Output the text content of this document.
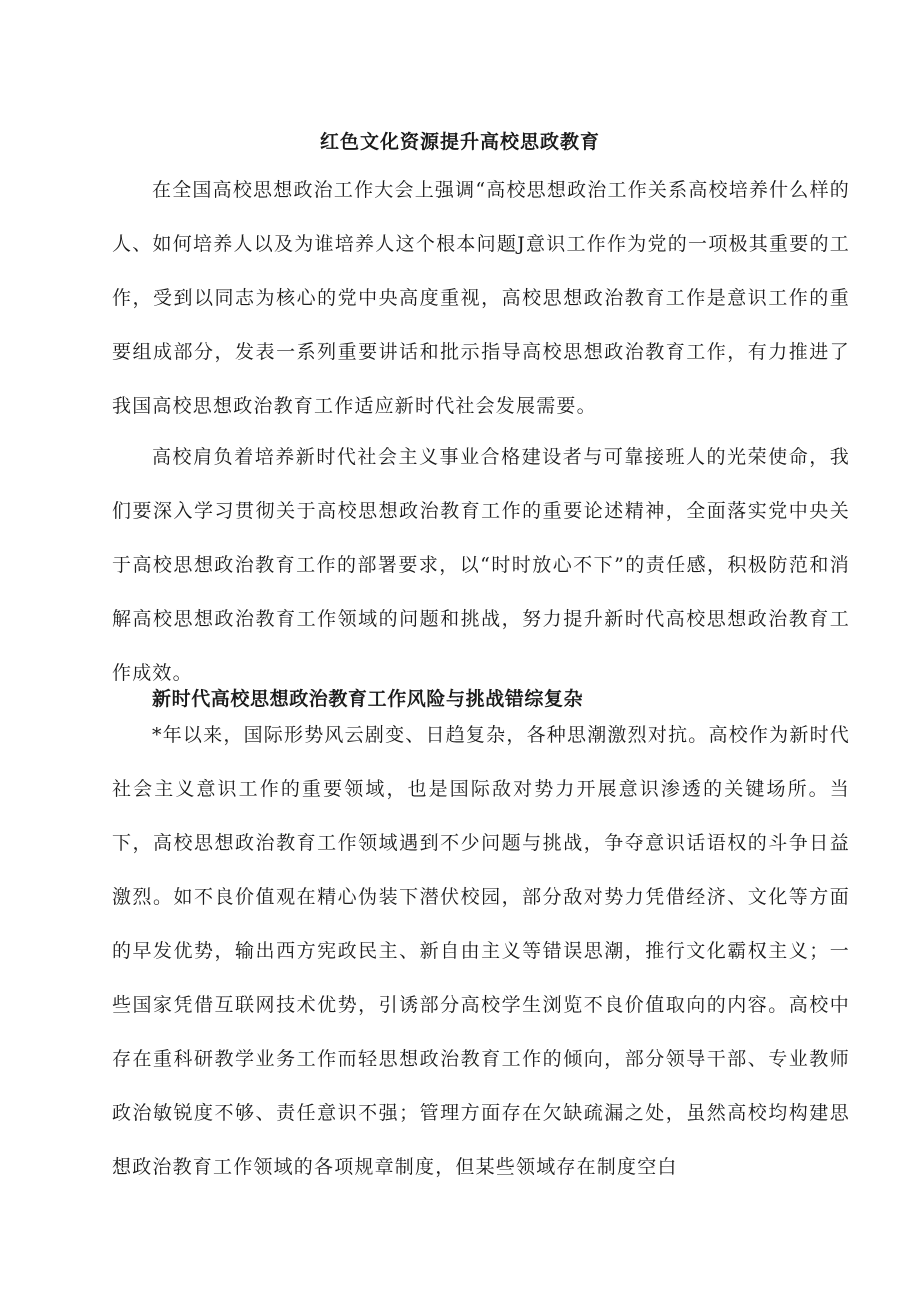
红色文化资源提升高校思政教育

在全国高校思想政治工作大会上强调“高校思想政治工作关系高校培养什么样的人、如何培养人以及为谁培养人这个根本问题J意识工作作为党的一项极其重要的工作，受到以同志为核心的党中央高度重视，高校思想政治教育工作是意识工作的重要组成部分，发表一系列重要讲话和批示指导高校思想政治教育工作，有力推进了我国高校思想政治教育工作适应新时代社会发展需要。

高校肩负着培养新时代社会主义事业合格建设者与可靠接班人的光荣使命，我们要深入学习贯彻关于高校思想政治教育工作的重要论述精神，全面落实党中央关于高校思想政治教育工作的部署要求，以“时时放心不下”的责任感，积极防范和消解高校思想政治教育工作领域的问题和挑战，努力提升新时代高校思想政治教育工作成效。

新时代高校思想政治教育工作风险与挑战错综复杂

*年以来，国际形势风云剧变、日趋复杂，各种思潮激烈对抗。高校作为新时代社会主义意识工作的重要领域，也是国际敌对势力开展意识渗透的关键场所。当下，高校思想政治教育工作领域遇到不少问题与挑战，争夺意识话语权的斗争日益激烈。如不良价值观在精心伪装下潜伏校园，部分敌对势力凭借经济、文化等方面的早发优势，输出西方宪政民主、新自由主义等错误思潮，推行文化霸权主义；一些国家凭借互联网技术优势，引诱部分高校学生浏览不良价值取向的内容。高校中存在重科研教学业务工作而轻思想政治教育工作的倾向，部分领导干部、专业教师政治敏锐度不够、责任意识不强；管理方面存在欠缺疏漏之处，虽然高校均构建思想政治教育工作领域的各项规章制度，但某些领域存在制度空白
